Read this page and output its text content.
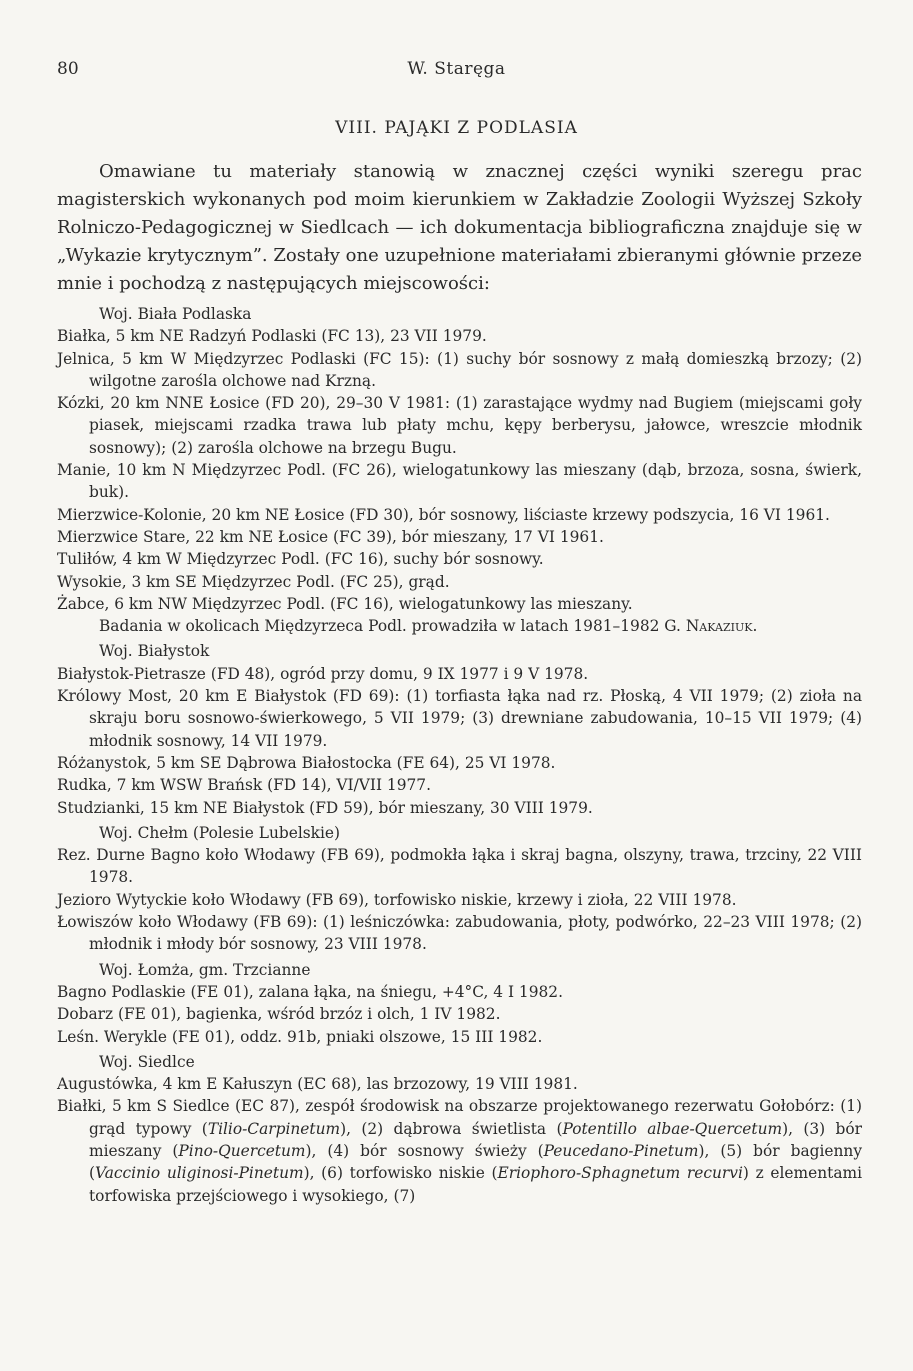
80	W. Staręga
VIII. PAJĄKI Z PODLASIA

Omawiane tu materiały stanowią w znacznej części wyniki szeregu prac magisterskich wykonanych pod moim kierunkiem w Zakładzie Zoologii Wyższej Szkoły Rolniczo-Pedagogicznej w Siedlcach — ich dokumentacja bibliograficzna znajduje się w „Wykazie krytycznym”. Zostały one uzupełnione materiałami zbieranymi głównie przeze mnie i pochodzą z następujących miejscowości:

Woj. Biała Podlaska

Białka, 5 km NE Radzyń Podlaski (FC 13), 23 VII 1979.

Jelnica, 5 km W Międzyrzec Podlaski (FC 15): (1) suchy bór sosnowy z małą domieszką brzozy; (2) wilgotne zarośla olchowe nad Krzną.

Kózki, 20 km NNE Łosice (FD 20), 29–30 V 1981: (1) zarastające wydmy nad Bugiem (miejscami goły piasek, miejscami rzadka trawa lub płaty mchu, kępy berberysu, jałowce, wreszcie młodnik sosnowy); (2) zarośla olchowe na brzegu Bugu.

Manie, 10 km N Międzyrzec Podl. (FC 26), wielogatunkowy las mieszany (dąb, brzoza, sosna, świerk, buk).

Mierzwice-Kolonie, 20 km NE Łosice (FD 30), bór sosnowy, liściaste krzewy podszycia, 16 VI 1961.

Mierzwice Stare, 22 km NE Łosice (FC 39), bór mieszany, 17 VI 1961.

Tuliłów, 4 km W Międzyrzec Podl. (FC 16), suchy bór sosnowy.

Wysokie, 3 km SE Międzyrzec Podl. (FC 25), grąd.

Żabce, 6 km NW Międzyrzec Podl. (FC 16), wielogatunkowy las mieszany.

Badania w okolicach Międzyrzeca Podl. prowadziła w latach 1981–1982 G. Nakaziuk.

Woj. Białystok

Białystok-Pietrasze (FD 48), ogród przy domu, 9 IX 1977 i 9 V 1978.

Królowy Most, 20 km E Białystok (FD 69): (1) torfiasta łąka nad rz. Płoską, 4 VII 1979; (2) zioła na skraju boru sosnowo-świerkowego, 5 VII 1979; (3) drewniane zabudowania, 10–15 VII 1979; (4) młodnik sosnowy, 14 VII 1979.

Różanystok, 5 km SE Dąbrowa Białostocka (FE 64), 25 VI 1978.

Rudka, 7 km WSW Brańsk (FD 14), VI/VII 1977.

Studzianki, 15 km NE Białystok (FD 59), bór mieszany, 30 VIII 1979.

Woj. Chełm (Polesie Lubelskie)

Rez. Durne Bagno koło Włodawy (FB 69), podmokła łąka i skraj bagna, olszyny, trawa, trzciny, 22 VIII 1978.

Jezioro Wytyckie koło Włodawy (FB 69), torfowisko niskie, krzewy i zioła, 22 VIII 1978.

Łowiszów koło Włodawy (FB 69): (1) leśniczówka: zabudowania, płoty, podwórko, 22–23 VIII 1978; (2) młodnik i młody bór sosnowy, 23 VIII 1978.

Woj. Łomża, gm. Trzcianne

Bagno Podlaskie (FE 01), zalana łąka, na śniegu, +4°C, 4 I 1982.

Dobarz (FE 01), bagienka, wśród brzóz i olch, 1 IV 1982.

Leśn. Werykle (FE 01), oddz. 91b, pniaki olszowe, 15 III 1982.

Woj. Siedlce

Augustówka, 4 km E Kałuszyn (EC 68), las brzozowy, 19 VIII 1981.

Białki, 5 km S Siedlce (EC 87), zespół środowisk na obszarze projektowanego rezerwatu Gołobórz: (1) grąd typowy (Tilio-Carpinetum), (2) dąbrowa świetlista (Potentillo albae-Quercetum), (3) bór mieszany (Pino-Quercetum), (4) bór sosnowy świeży (Peucedano-Pinetum), (5) bór bagienny (Vaccinio uliginosi-Pinetum), (6) torfowisko niskie (Eriophoro-Sphagnetum recurvi) z elementami torfowiska przejściowego i wysokiego, (7)
